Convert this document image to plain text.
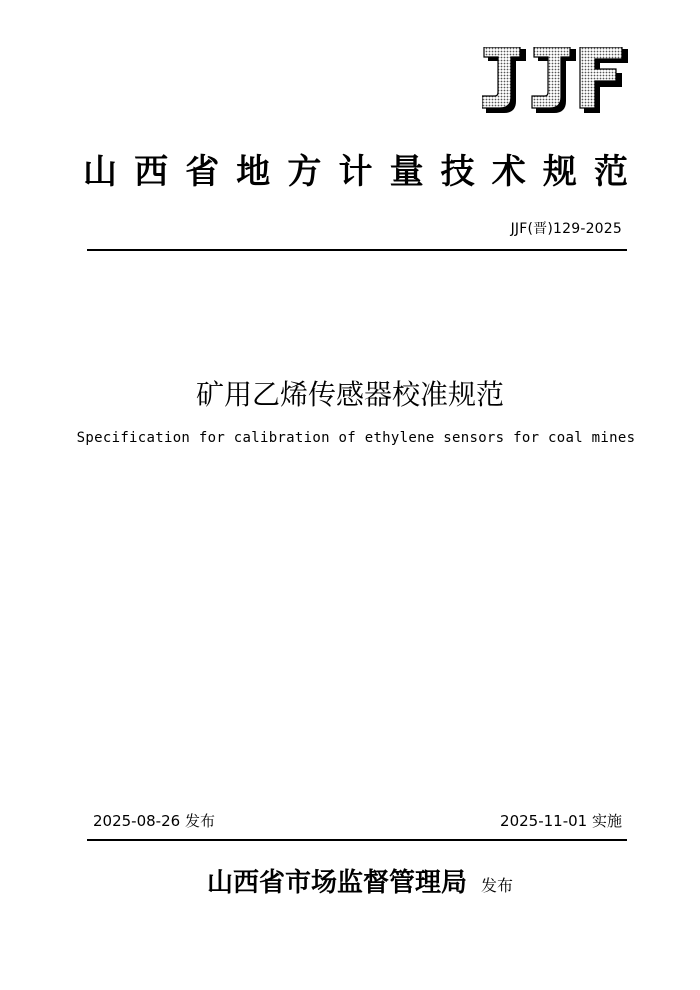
山 西 省 地 方 计 量 技 术 规 范
JJF(晋)129-2025
矿用乙烯传感器校准规范
Specification for calibration of ethylene sensors for coal mines
2025-08-26 发布	2025-11-01 实施
山西省市场监督管理局 发布
